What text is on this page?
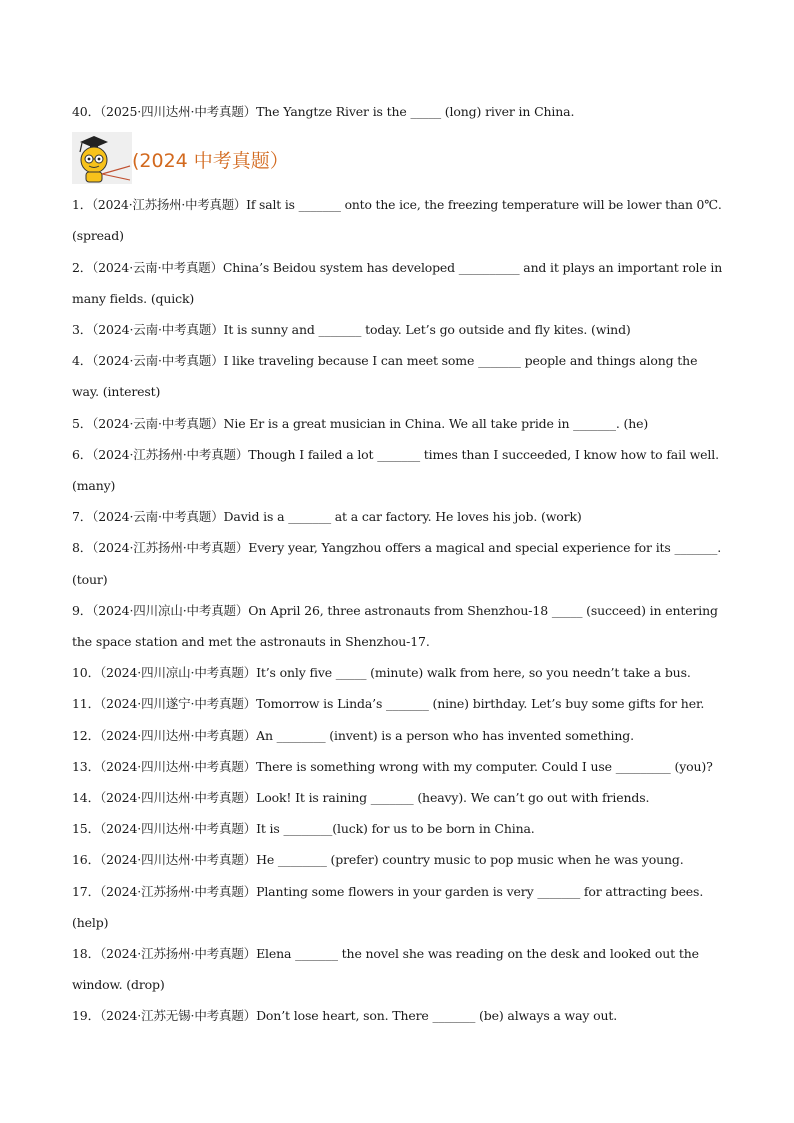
40．（2025·四川达州·中考真题）The Yangtze River is the _____ (long) river in China.
(2024 中考真题）
1．（2024·江苏扬州·中考真题）If salt is _______ onto the ice, the freezing temperature will be lower than 0℃.
(spread)
2．（2024·云南·中考真题）China’s Beidou system has developed __________ and it plays an important role in
many fields. (quick)
3．（2024·云南·中考真题）It is sunny and _______ today. Let’s go outside and fly kites. (wind)
4．（2024·云南·中考真题）I like traveling because I can meet some _______ people and things along the
way. (interest)
5．（2024·云南·中考真题）Nie Er is a great musician in China. We all take pride in _______. (he)
6．（2024·江苏扬州·中考真题）Though I failed a lot _______ times than I succeeded, I know how to fail well.
(many)
7．（2024·云南·中考真题）David is a _______ at a car factory. He loves his job. (work)
8．（2024·江苏扬州·中考真题）Every year, Yangzhou offers a magical and special experience for its _______.
(tour)
9．（2024·四川凉山·中考真题）On April 26, three astronauts from Shenzhou-18 _____ (succeed) in entering
the space station and met the astronauts in Shenzhou-17.
10．（2024·四川凉山·中考真题）It’s only five _____ (minute) walk from here, so you needn’t take a bus.
11．（2024·四川遂宁·中考真题）Tomorrow is Linda’s _______ (nine) birthday. Let’s buy some gifts for her.
12．（2024·四川达州·中考真题）An ________ (invent) is a person who has invented something.
13．（2024·四川达州·中考真题）There is something wrong with my computer. Could I use _________ (you)?
14．（2024·四川达州·中考真题）Look! It is raining _______ (heavy). We can’t go out with friends.
15．（2024·四川达州·中考真题）It is ________(luck) for us to be born in China.
16．（2024·四川达州·中考真题）He ________ (prefer) country music to pop music when he was young.
17．（2024·江苏扬州·中考真题）Planting some flowers in your garden is very _______ for attracting bees.
(help)
18．（2024·江苏扬州·中考真题）Elena _______ the novel she was reading on the desk and looked out the
window. (drop)
19．（2024·江苏无锡·中考真题）Don’t lose heart, son. There _______ (be) always a way out.
